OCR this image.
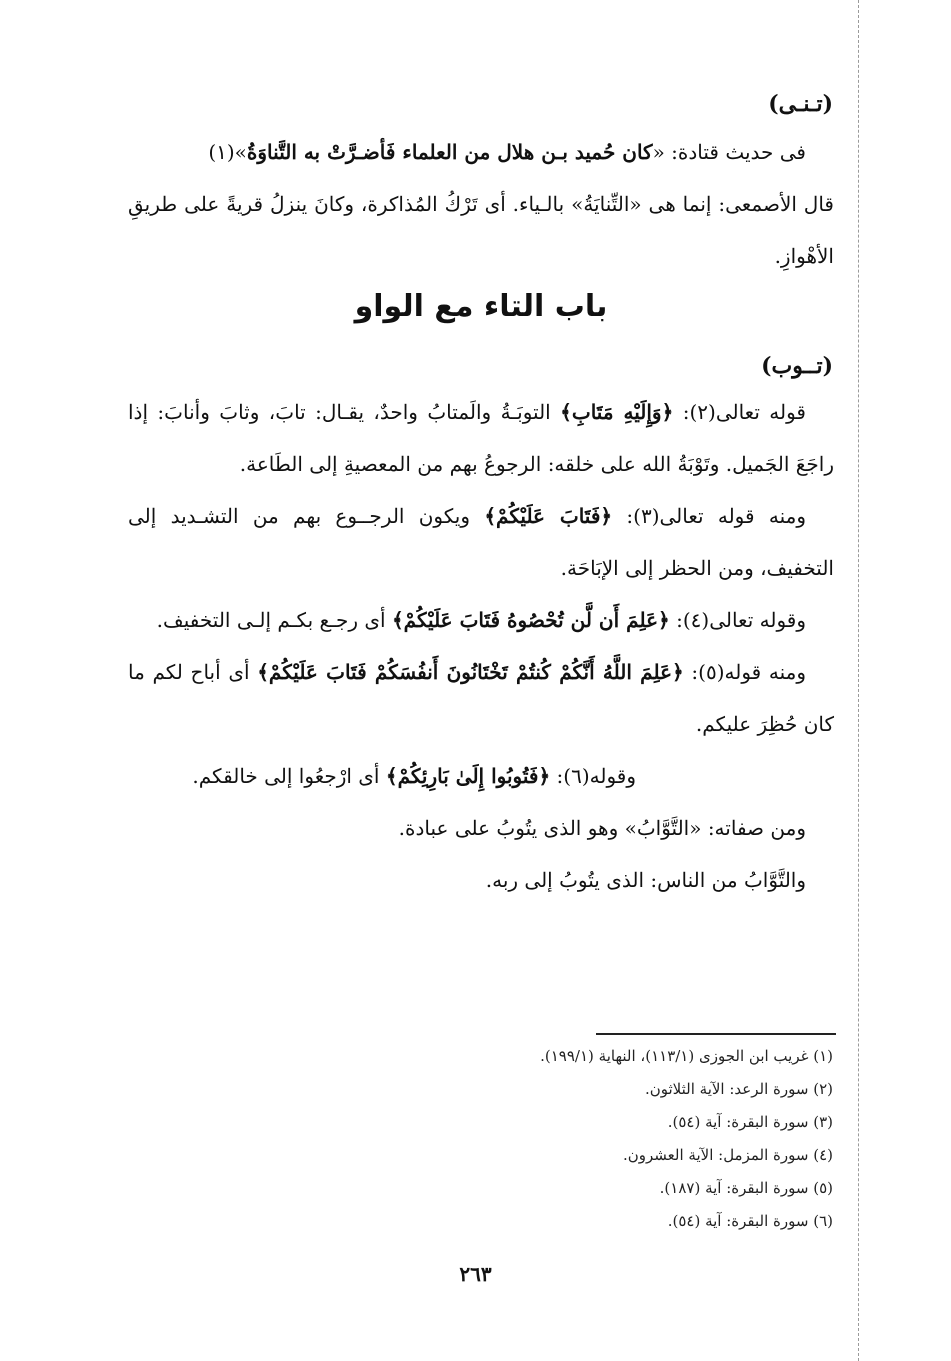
(تـنـى)

فى حديث قتادة: «كان حُميد بـن هلال من العلماء فَأضـرَّتْ به التَّناوَةُ»(١)

قال الأصمعى: إنما هى «التِّنايَةُ» بالـياء. أى تَرْكُ المُذاكرة، وكانَ ينزلُ قريةً على طريقِ الأهْوازِ.

باب التاء مع الواو
(تــوب)

قوله تعالى(٢): ﴿وَإِلَيْهِ مَتَابِ﴾ التوبَـةُ والَمتابُ واحدٌ، يقـال: تابَ، وثابَ وأنابَ: إذا راجَعَ الجَميل. وتَوْبَةُ الله على خلقه: الرجوعُ بهم من المعصيةِ إلى الطَاعة.

ومنه قوله تعالى(٣): ﴿فَتَابَ عَلَيْكُمْ﴾ ويكون الرجــوع بهم من التشـديد إلى التخفيف، ومن الحظر إلى الإبَاحَة.

وقوله تعالى(٤): ﴿عَلِمَ أَن لَّن تُحْصُوهُ فَتَابَ عَلَيْكُمْ﴾ أى رجـع بكـم إلـى التخفيف.

ومنه قوله(٥): ﴿عَلِمَ اللَّهُ أَنَّكُمْ كُنتُمْ تَخْتَانُونَ أَنفُسَكُمْ فَتَابَ عَلَيْكُمْ﴾ أى أباح لكم ما كان حُظِرَ عليكم.

وقوله(٦): ﴿فَتُوبُوا إِلَىٰ بَارِئِكُمْ﴾ أى ارْجعُوا إلى خالقكم.

ومن صفاته: «التَّوَّابُ» وهو الذى يتُوبُ على عبادة.

والتَّوَّابُ من الناس: الذى يتُوبُ إلى ربه.

(١) غريب ابن الجوزى (١١٣/١)، النهاية (١٩٩/١).
(٢) سورة الرعد: الآية الثلاثون.
(٣) سورة البقرة: آية (٥٤).
(٤) سورة المزمل: الآية العشرون.
(٥) سورة البقرة: آية (١٨٧).
(٦) سورة البقرة: آية (٥٤).
٢٦٣
